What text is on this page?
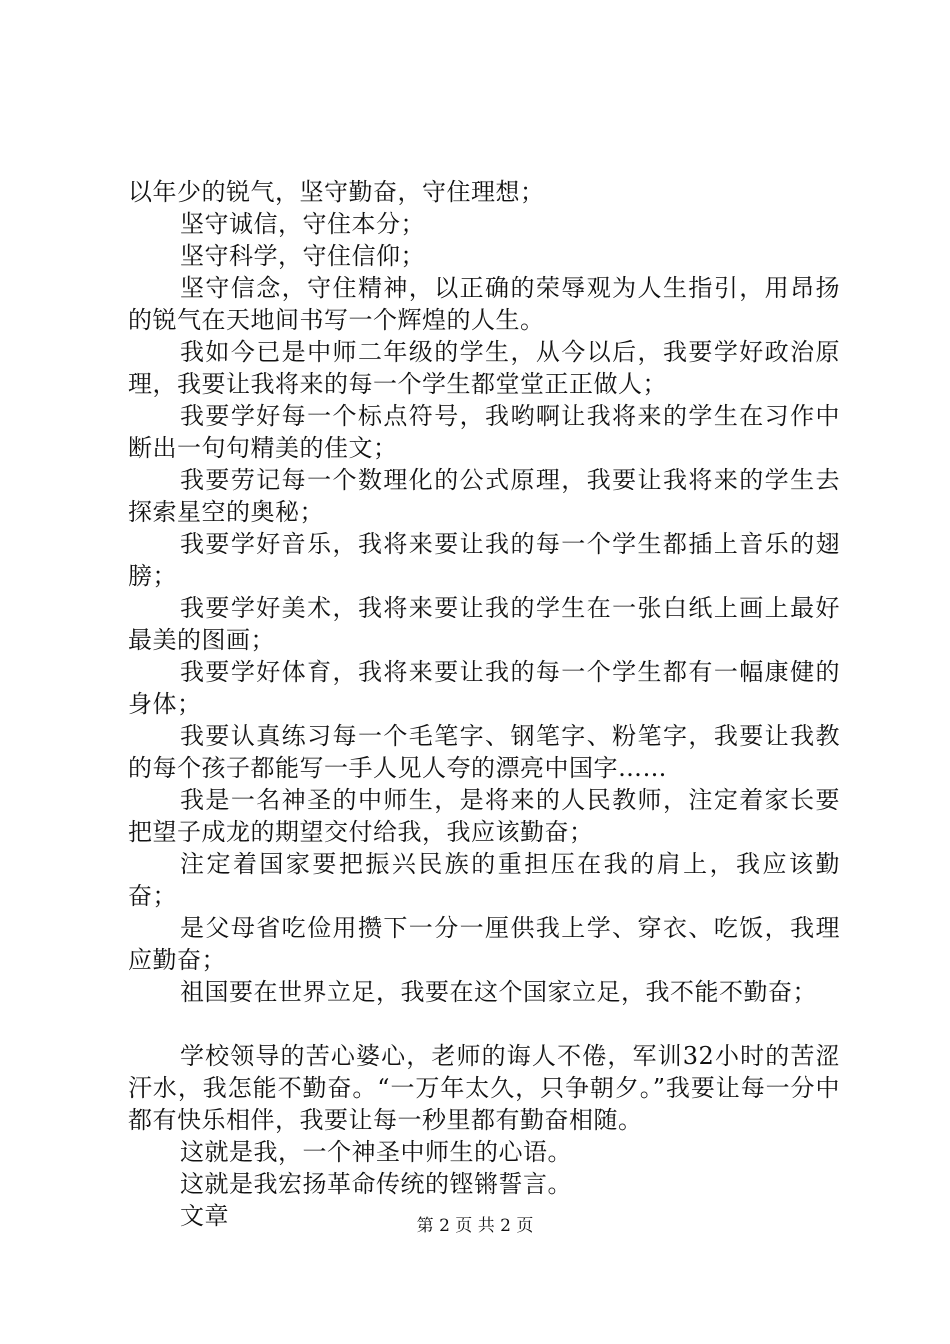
以年少的锐气，坚守勤奋，守住理想；

坚守诚信，守住本分；

坚守科学，守住信仰；

坚守信念，守住精神，以正确的荣辱观为人生指引，用昂扬的锐气在天地间书写一个辉煌的人生。

我如今已是中师二年级的学生，从今以后，我要学好政治原理，我要让我将来的每一个学生都堂堂正正做人；

我要学好每一个标点符号，我哟啊让我将来的学生在习作中断出一句句精美的佳文；

我要劳记每一个数理化的公式原理，我要让我将来的学生去探索星空的奥秘；

我要学好音乐，我将来要让我的每一个学生都插上音乐的翅膀；

我要学好美术，我将来要让我的学生在一张白纸上画上最好最美的图画；

我要学好体育，我将来要让我的每一个学生都有一幅康健的身体；

我要认真练习每一个毛笔字、钢笔字、粉笔字，我要让我教的每个孩子都能写一手人见人夸的漂亮中国字……

我是一名神圣的中师生，是将来的人民教师，注定着家长要把望子成龙的期望交付给我，我应该勤奋；

注定着国家要把振兴民族的重担压在我的肩上，我应该勤奋；

是父母省吃俭用攒下一分一厘供我上学、穿衣、吃饭，我理应勤奋；

祖国要在世界立足，我要在这个国家立足，我不能不勤奋；

学校领导的苦心婆心，老师的诲人不倦，军训32小时的苦涩汗水，我怎能不勤奋。“一万年太久，只争朝夕。”我要让每一分中都有快乐相伴，我要让每一秒里都有勤奋相随。

这就是我，一个神圣中师生的心语。

这就是我宏扬革命传统的铿锵誓言。

文章	第 2 页 共 2 页
